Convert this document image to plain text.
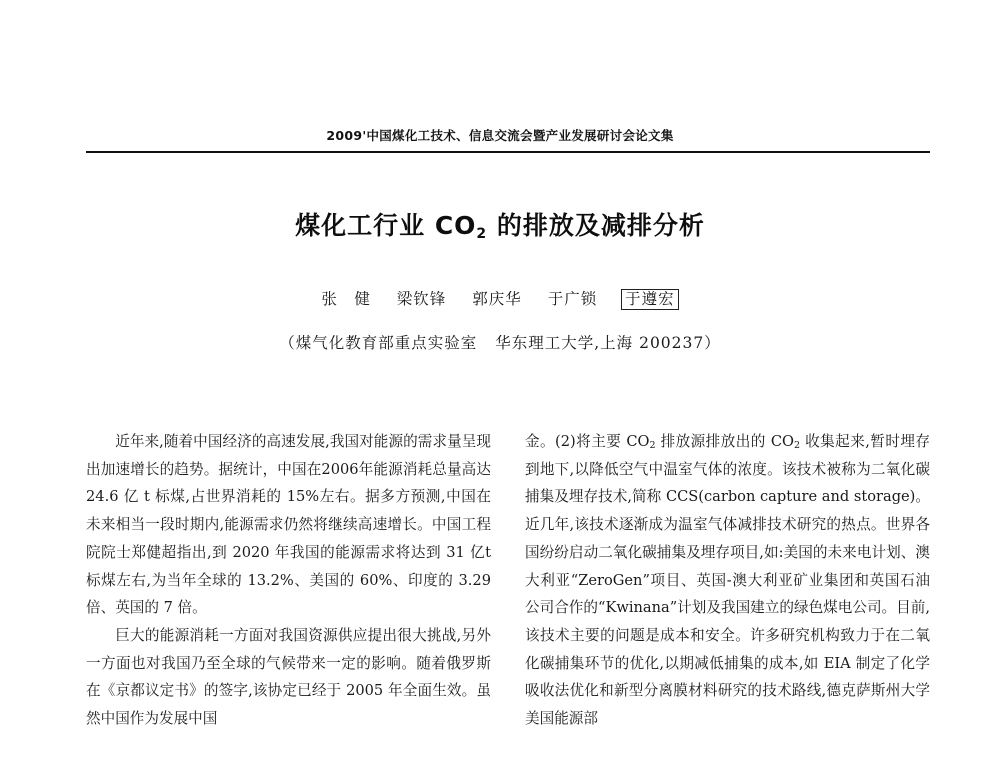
2009'中国煤化工技术、信息交流会暨产业发展研讨会论文集
煤化工行业 $CO_2$ 的排放及减排分析
张　健 梁钦锋 郭庆华 于广锁 于遵宏
（煤气化教育部重点实验室 华东理工大学,上海 200237）

近年来,随着中国经济的高速发展,我国对能源的需求量呈现出加速增长的趋势。据统计，中国在2006年能源消耗总量高达 24.6 亿 t 标煤,占世界消耗的 15%左右。据多方预测,中国在未来相当一段时期内,能源需求仍然将继续高速增长。中国工程院院士郑健超指出,到 2020 年我国的能源需求将达到 31 亿t标煤左右,为当年全球的 13.2%、美国的 60%、印度的 3.29 倍、英国的 7 倍。

巨大的能源消耗一方面对我国资源供应提出很大挑战,另外一方面也对我国乃至全球的气候带来一定的影响。随着俄罗斯在《京都议定书》的签字,该协定已经于 2005 年全面生效。虽然中国作为发展中国

金。(2)将主要 $CO_2$ 排放源排放出的 $CO_2$ 收集起来,暂时埋存到地下,以降低空气中温室气体的浓度。该技术被称为二氧化碳捕集及埋存技术,简称 CCS(carbon capture and storage)。近几年,该技术逐渐成为温室气体减排技术研究的热点。世界各国纷纷启动二氧化碳捕集及埋存项目,如:美国的未来电计划、澳大利亚“ZeroGen”项目、英国-澳大利亚矿业集团和英国石油公司合作的“Kwinana”计划及我国建立的绿色煤电公司。目前,该技术主要的问题是成本和安全。许多研究机构致力于在二氧化碳捕集环节的优化,以期减低捕集的成本,如 EIA 制定了化学吸收法优化和新型分离膜材料研究的技术路线,德克萨斯州大学美国能源部
